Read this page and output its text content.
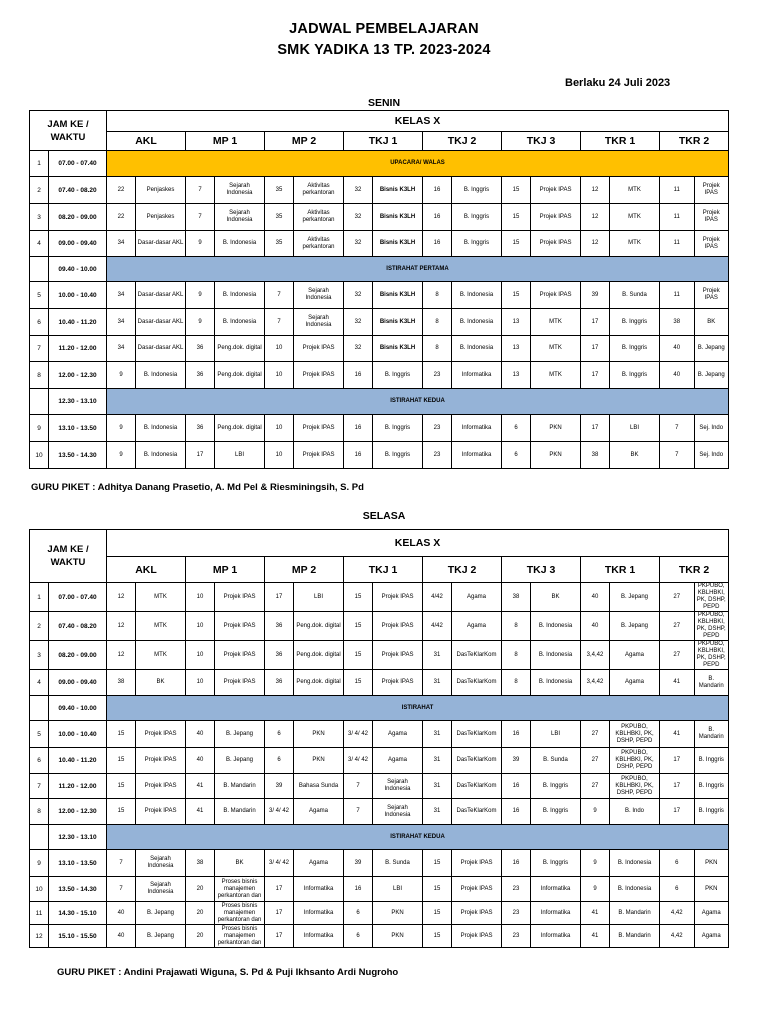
JADWAL PEMBELAJARAN
SMK YADIKA 13 TP. 2023-2024
Berlaku 24 Juli 2023
SENIN
JAM KE / WAKTU		KELAS X															
		AKL		MP 1		MP 2		TKJ 1		TKJ 2		TKJ 3		TKR 1		TKR 2	
1	07.00 - 07.40	UPACARA/ WALAS															
2	07.40 - 08.20	22	Penjaskes	7	Sejarah Indonesia	35	Aktivitas perkantoran	32	Bisnis K3LH	16	B. Inggris	15	Projek IPAS	12	MTK	11	Projek IPAS
3	08.20 - 09.00	22	Penjaskes	7	Sejarah Indonesia	35	Aktivitas perkantoran	32	Bisnis K3LH	16	B. Inggris	15	Projek IPAS	12	MTK	11	Projek IPAS
4	09.00 - 09.40	34	Dasar-dasar AKL	9	B. Indonesia	35	Aktivitas perkantoran	32	Bisnis K3LH	16	B. Inggris	15	Projek IPAS	12	MTK	11	Projek IPAS
	09.40 - 10.00	ISTIRAHAT PERTAMA															
5	10.00 - 10.40	34	Dasar-dasar AKL	9	B. Indonesia	7	Sejarah Indonesia	32	Bisnis K3LH	8	B. Indonesia	15	Projek IPAS	39	B. Sunda	11	Projek IPAS
6	10.40 - 11.20	34	Dasar-dasar AKL	9	B. Indonesia	7	Sejarah Indonesia	32	Bisnis K3LH	8	B. Indonesia	13	MTK	17	B. Inggris	38	BK
7	11.20 - 12.00	34	Dasar-dasar AKL	36	Peng.dok. digital	10	Projek IPAS	32	Bisnis K3LH	8	B. Indonesia	13	MTK	17	B. Inggris	40	B. Jepang
8	12.00 - 12.30	9	B. Indonesia	36	Peng.dok. digital	10	Projek IPAS	16	B. Inggris	23	Informatika	13	MTK	17	B. Inggris	40	B. Jepang
	12.30 - 13.10	ISTIRAHAT KEDUA															
9	13.10 - 13.50	9	B. Indonesia	36	Peng.dok. digital	10	Projek IPAS	16	B. Inggris	23	Informatika	6	PKN	17	LBI	7	Sej. Indo
10	13.50 - 14.30	9	B. Indonesia	17	LBI	10	Projek IPAS	16	B. Inggris	23	Informatika	6	PKN	38	BK	7	Sej. Indo
GURU PIKET : Adhitya Danang Prasetio, A. Md Pel & Riesminingsih, S. Pd
SELASA
JAM KE / WAKTU		KELAS X															
		AKL		MP 1		MP 2		TKJ 1		TKJ 2		TKJ 3		TKR 1		TKR 2	
1	07.00 - 07.40	12	MTK	10	Projek IPAS	17	LBI	15	Projek IPAS	4/42	Agama	38	BK	40	B. Jepang	27	PKPUBO, KBLHBKI, PK, DSHP, PEPD
2	07.40 - 08.20	12	MTK	10	Projek IPAS	36	Peng.dok. digital	15	Projek IPAS	4/42	Agama	8	B. Indonesia	40	B. Jepang	27	PKPUBO, KBLHBKI, PK, DSHP, PEPD
3	08.20 - 09.00	12	MTK	10	Projek IPAS	36	Peng.dok. digital	15	Projek IPAS	31	DasTeKlarKom	8	B. Indonesia	3,4,42	Agama	27	PKPUBO, KBLHBKI, PK, DSHP, PEPD
4	09.00 - 09.40	38	BK	10	Projek IPAS	36	Peng.dok. digital	15	Projek IPAS	31	DasTeKlarKom	8	B. Indonesia	3,4,42	Agama	41	B. Mandarin
	09.40 - 10.00	ISTIRAHAT															
5	10.00 - 10.40	15	Projek IPAS	40	B. Jepang	6	PKN	3/ 4/ 42	Agama	31	DasTeKlarKom	16	LBI	27	PKPUBO, KBLHBKI, PK, DSHP, PEPD	41	B. Mandarin
6	10.40 - 11.20	15	Projek IPAS	40	B. Jepang	6	PKN	3/ 4/ 42	Agama	31	DasTeKlarKom	39	B. Sunda	27	PKPUBO, KBLHBKI, PK, DSHP, PEPD	17	B. Inggris
7	11.20 - 12.00	15	Projek IPAS	41	B. Mandarin	39	Bahasa Sunda	7	Sejarah Indonesia	31	DasTeKlarKom	16	B. Inggris	27	PKPUBO, KBLHBKI, PK, DSHP, PEPD	17	B. Inggris
8	12.00 - 12.30	15	Projek IPAS	41	B. Mandarin	3/ 4/ 42	Agama	7	Sejarah Indonesia	31	DasTeKlarKom	16	B. Inggris	9	B. Indo	17	B. Inggris
	12.30 - 13.10	ISTIRAHAT KEDUA															
9	13.10 - 13.50	7	Sejarah Indonesia	38	BK	3/ 4/ 42	Agama	39	B. Sunda	15	Projek IPAS	16	B. Inggris	9	B. Indonesia	6	PKN
10	13.50 - 14.30	7	Sejarah Indonesia	20	Proses bisnis manajemen perkantoran dan	17	Informatika	16	LBI	15	Projek IPAS	23	Informatika	9	B. Indonesia	6	PKN
11	14.30 - 15.10	40	B. Jepang	20	Proses bisnis manajemen perkantoran dan	17	Informatika	6	PKN	15	Projek IPAS	23	Informatika	41	B. Mandarin	4,42	Agama
12	15.10 - 15.50	40	B. Jepang	20	Proses bisnis manajemen perkantoran dan	17	Informatika	6	PKN	15	Projek IPAS	23	Informatika	41	B. Mandarin	4,42	Agama
GURU PIKET : Andini Prajawati Wiguna, S. Pd & Puji Ikhsanto Ardi Nugroho
